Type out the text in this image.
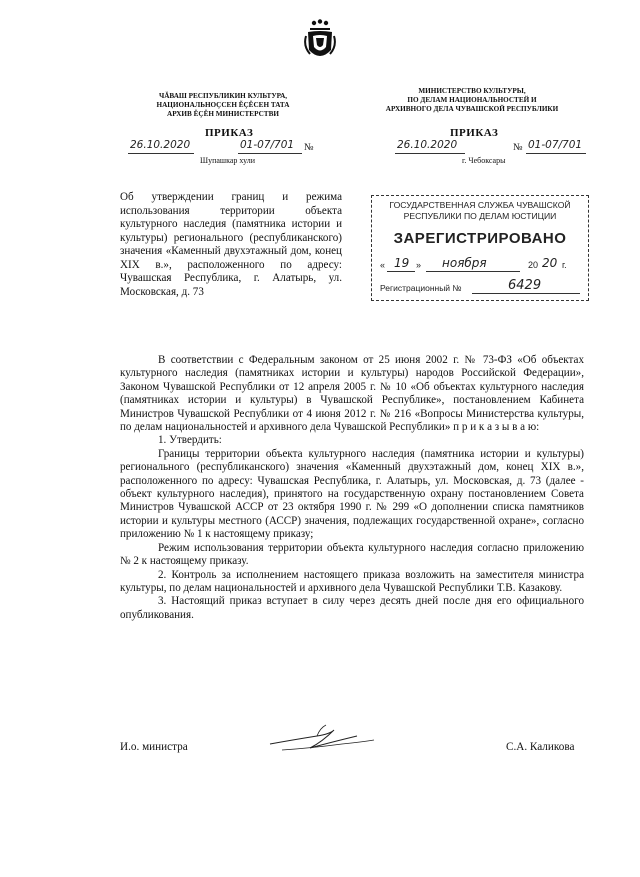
ЧĂВАШ РЕСПУБЛИКИН КУЛЬТУРА,
НАЦИОНАЛЬНОÇСЕН ĔÇĔСЕН ТАТА
АРХИВ ĔÇĔН МИНИСТЕРСТВИ
МИНИСТЕРСТВО КУЛЬТУРЫ,
ПО ДЕЛАМ НАЦИОНАЛЬНОСТЕЙ И
АРХИВНОГО ДЕЛА ЧУВАШСКОЙ РЕСПУБЛИКИ
ПРИКАЗ
26.10.2020	01-07/701 №
Шупашкар хули
ПРИКАЗ
26.10.2020	№ 01-07/701
г. Чебоксары
Об утверждении границ и режима использования территории объекта культурного наследия (памятника истории и культуры) регионального (республиканского) значения «Каменный двухэтажный дом, конец XIX в.», расположенного по адресу: Чувашская Республика, г. Алатырь, ул. Московская, д. 73
ГОСУДАРСТВЕННАЯ СЛУЖБА ЧУВАШСКОЙ
РЕСПУБЛИКИ ПО ДЕЛАМ ЮСТИЦИИ
ЗАРЕГИСТРИРОВАНО
« 19 » ноября	20 20 г.
Регистрационный №	6429

В соответствии с Федеральным законом от 25 июня 2002 г. № 73-ФЗ «Об объектах культурного наследия (памятниках истории и культуры) народов Российской Федерации», Законом Чувашской Республики от 12 апреля 2005 г. № 10 «Об объектах культурного наследия (памятниках истории и культуры) в Чувашской Республике», постановлением Кабинета Министров Чувашской Республики от 4 июня 2012 г. № 216 «Вопросы Министерства культуры, по делам национальностей и архивного дела Чувашской Республики» п р и к а з ы в а ю:

1. Утвердить:

Границы территории объекта культурного наследия (памятника истории и культуры) регионального (республиканского) значения «Каменный двухэтажный дом, конец XIX в.», расположенного по адресу: Чувашская Республика, г. Алатырь, ул. Московская, д. 73 (далее - объект культурного наследия), принятого на государственную охрану постановлением Совета Министров Чувашской АССР от 23 октября 1990 г. № 299 «О дополнении списка памятников истории и культуры местного (АССР) значения, подлежащих государственной охране», согласно приложению № 1 к настоящему приказу;

Режим использования территории объекта культурного наследия согласно приложению № 2 к настоящему приказу.

2. Контроль за исполнением настоящего приказа возложить на заместителя министра культуры, по делам национальностей и архивного дела Чувашской Республики Т.В. Казакову.

3. Настоящий приказ вступает в силу через десять дней после дня его официального опубликования.

И.о. министра	С.А. Каликова
